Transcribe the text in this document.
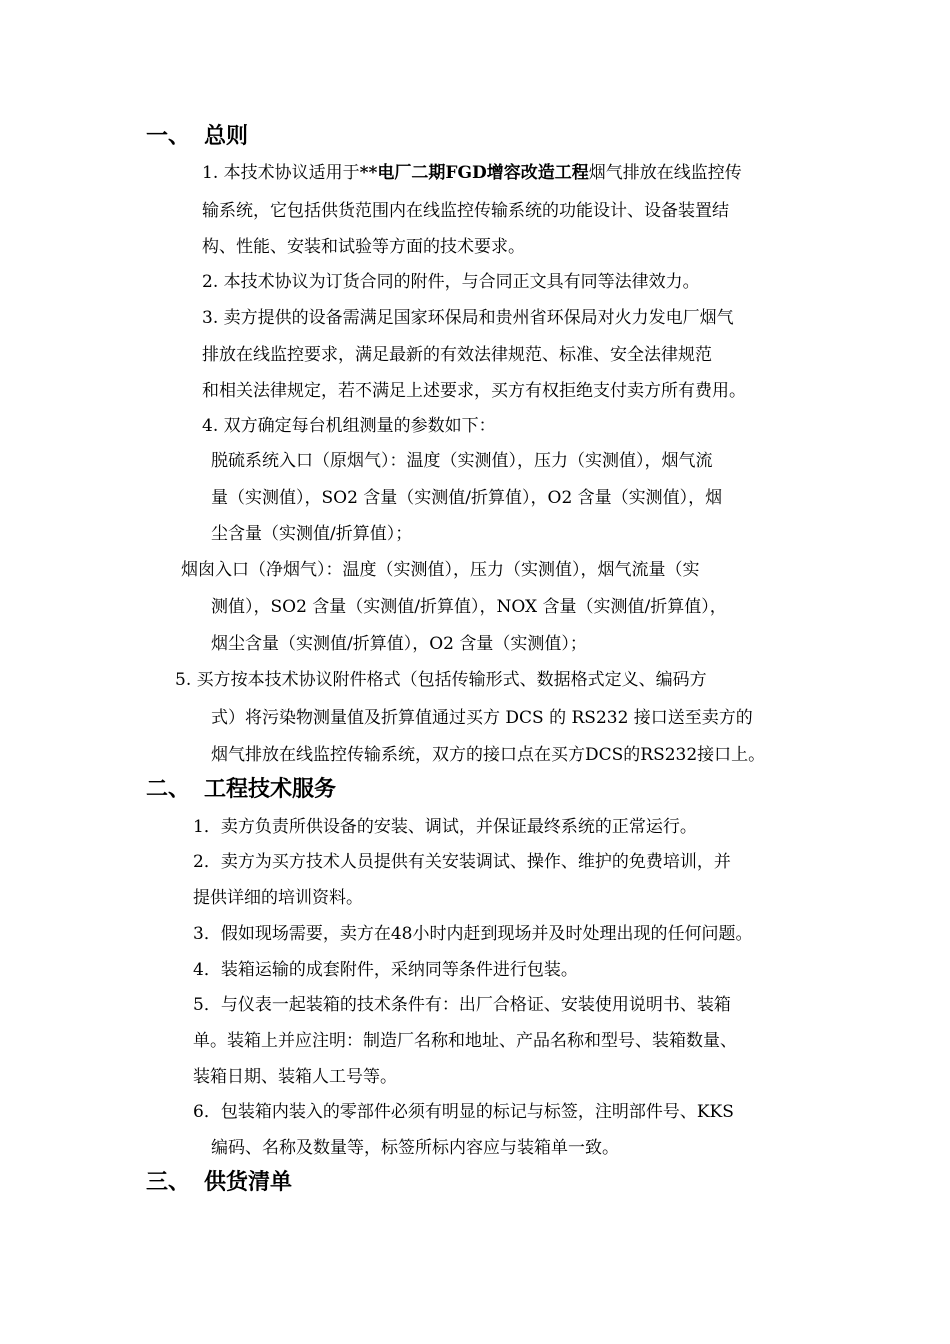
一、 总则
1. 本技术协议适用于**电厂二期FGD增容改造工程烟气排放在线监控传
输系统，它包括供货范围内在线监控传输系统的功能设计、设备装置结
构、性能、安装和试验等方面的技术要求。
2. 本技术协议为订货合同的附件，与合同正文具有同等法律效力。
3. 卖方提供的设备需满足国家环保局和贵州省环保局对火力发电厂烟气
排放在线监控要求，满足最新的有效法律规范、标准、安全法律规范
和相关法律规定，若不满足上述要求，买方有权拒绝支付卖方所有费用。
4. 双方确定每台机组测量的参数如下：
脱硫系统入口（原烟气）：温度（实测值），压力（实测值），烟气流
量（实测值），SO2 含量（实测值/折算值），O2 含量（实测值），烟
尘含量（实测值/折算值）；
烟囱入口（净烟气）：温度（实测值），压力（实测值），烟气流量（实
测值），SO2 含量（实测值/折算值），NOX 含量（实测值/折算值），
烟尘含量（实测值/折算值），O2 含量（实测值）；
5. 买方按本技术协议附件格式（包括传输形式、数据格式定义、编码方
式）将污染物测量值及折算值通过买方 DCS 的 RS232 接口送至卖方的
烟气排放在线监控传输系统，双方的接口点在买方DCS的RS232接口上。
二、 工程技术服务
1．卖方负责所供设备的安装、调试，并保证最终系统的正常运行。
2．卖方为买方技术人员提供有关安装调试、操作、维护的免费培训，并
提供详细的培训资料。
3．假如现场需要，卖方在48小时内赶到现场并及时处理出现的任何问题。
4．装箱运输的成套附件，采纳同等条件进行包装。
5．与仪表一起装箱的技术条件有：出厂合格证、安装使用说明书、装箱
单。装箱上并应注明：制造厂名称和地址、产品名称和型号、装箱数量、
装箱日期、装箱人工号等。
6．包装箱内装入的零部件必须有明显的标记与标签，注明部件号、KKS
编码、名称及数量等，标签所标内容应与装箱单一致。
三、 供货清单
